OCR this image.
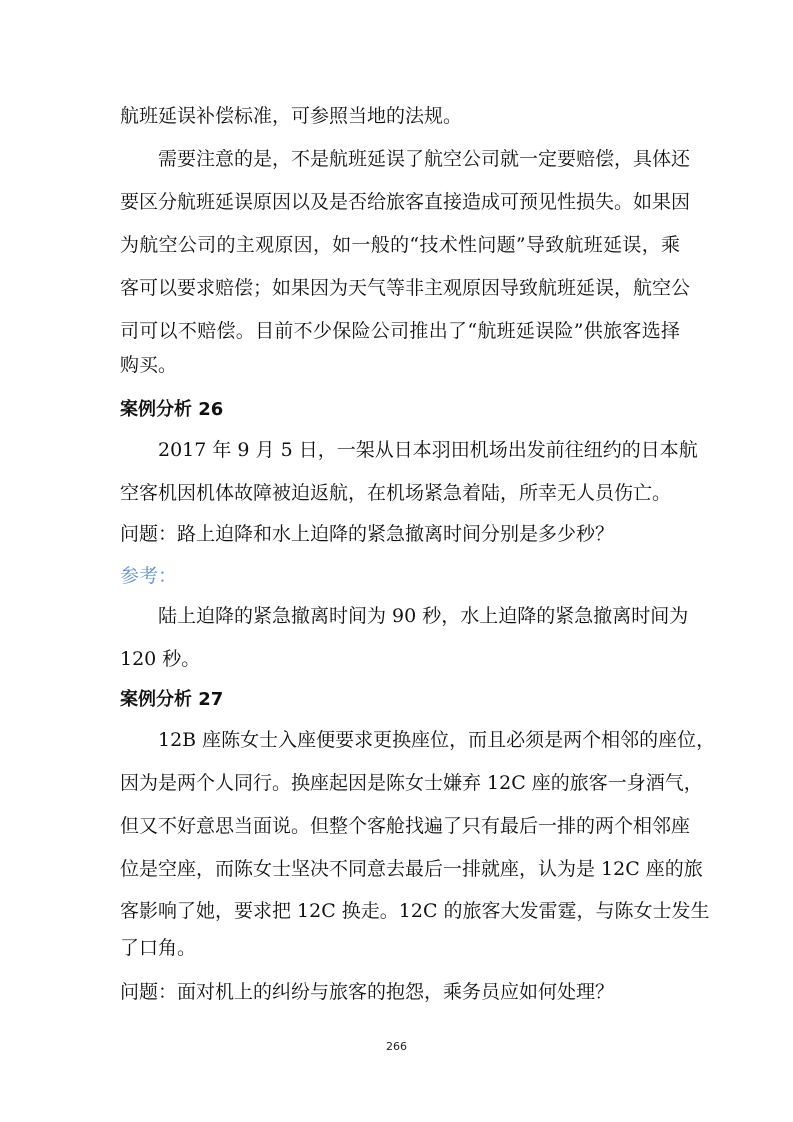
航班延误补偿标准，可参照当地的法规。
需要注意的是，不是航班延误了航空公司就一定要赔偿，具体还
要区分航班延误原因以及是否给旅客直接造成可预见性损失。如果因
为航空公司的主观原因，如一般的“技术性问题”导致航班延误，乘
客可以要求赔偿；如果因为天气等非主观原因导致航班延误，航空公
司可以不赔偿。目前不少保险公司推出了“航班延误险”供旅客选择
购买。
案例分析 26
2017 年 9 月 5 日，一架从日本羽田机场出发前往纽约的日本航
空客机因机体故障被迫返航，在机场紧急着陆，所幸无人员伤亡。
问题：路上迫降和水上迫降的紧急撤离时间分别是多少秒？
参考：
陆上迫降的紧急撤离时间为 90 秒，水上迫降的紧急撤离时间为
120 秒。
案例分析 27
12B 座陈女士入座便要求更换座位，而且必须是两个相邻的座位，
因为是两个人同行。换座起因是陈女士嫌弃 12C 座的旅客一身酒气，
但又不好意思当面说。但整个客舱找遍了只有最后一排的两个相邻座
位是空座，而陈女士坚决不同意去最后一排就座，认为是 12C 座的旅
客影响了她，要求把 12C 换走。12C 的旅客大发雷霆，与陈女士发生
了口角。
问题：面对机上的纠纷与旅客的抱怨，乘务员应如何处理？
266
